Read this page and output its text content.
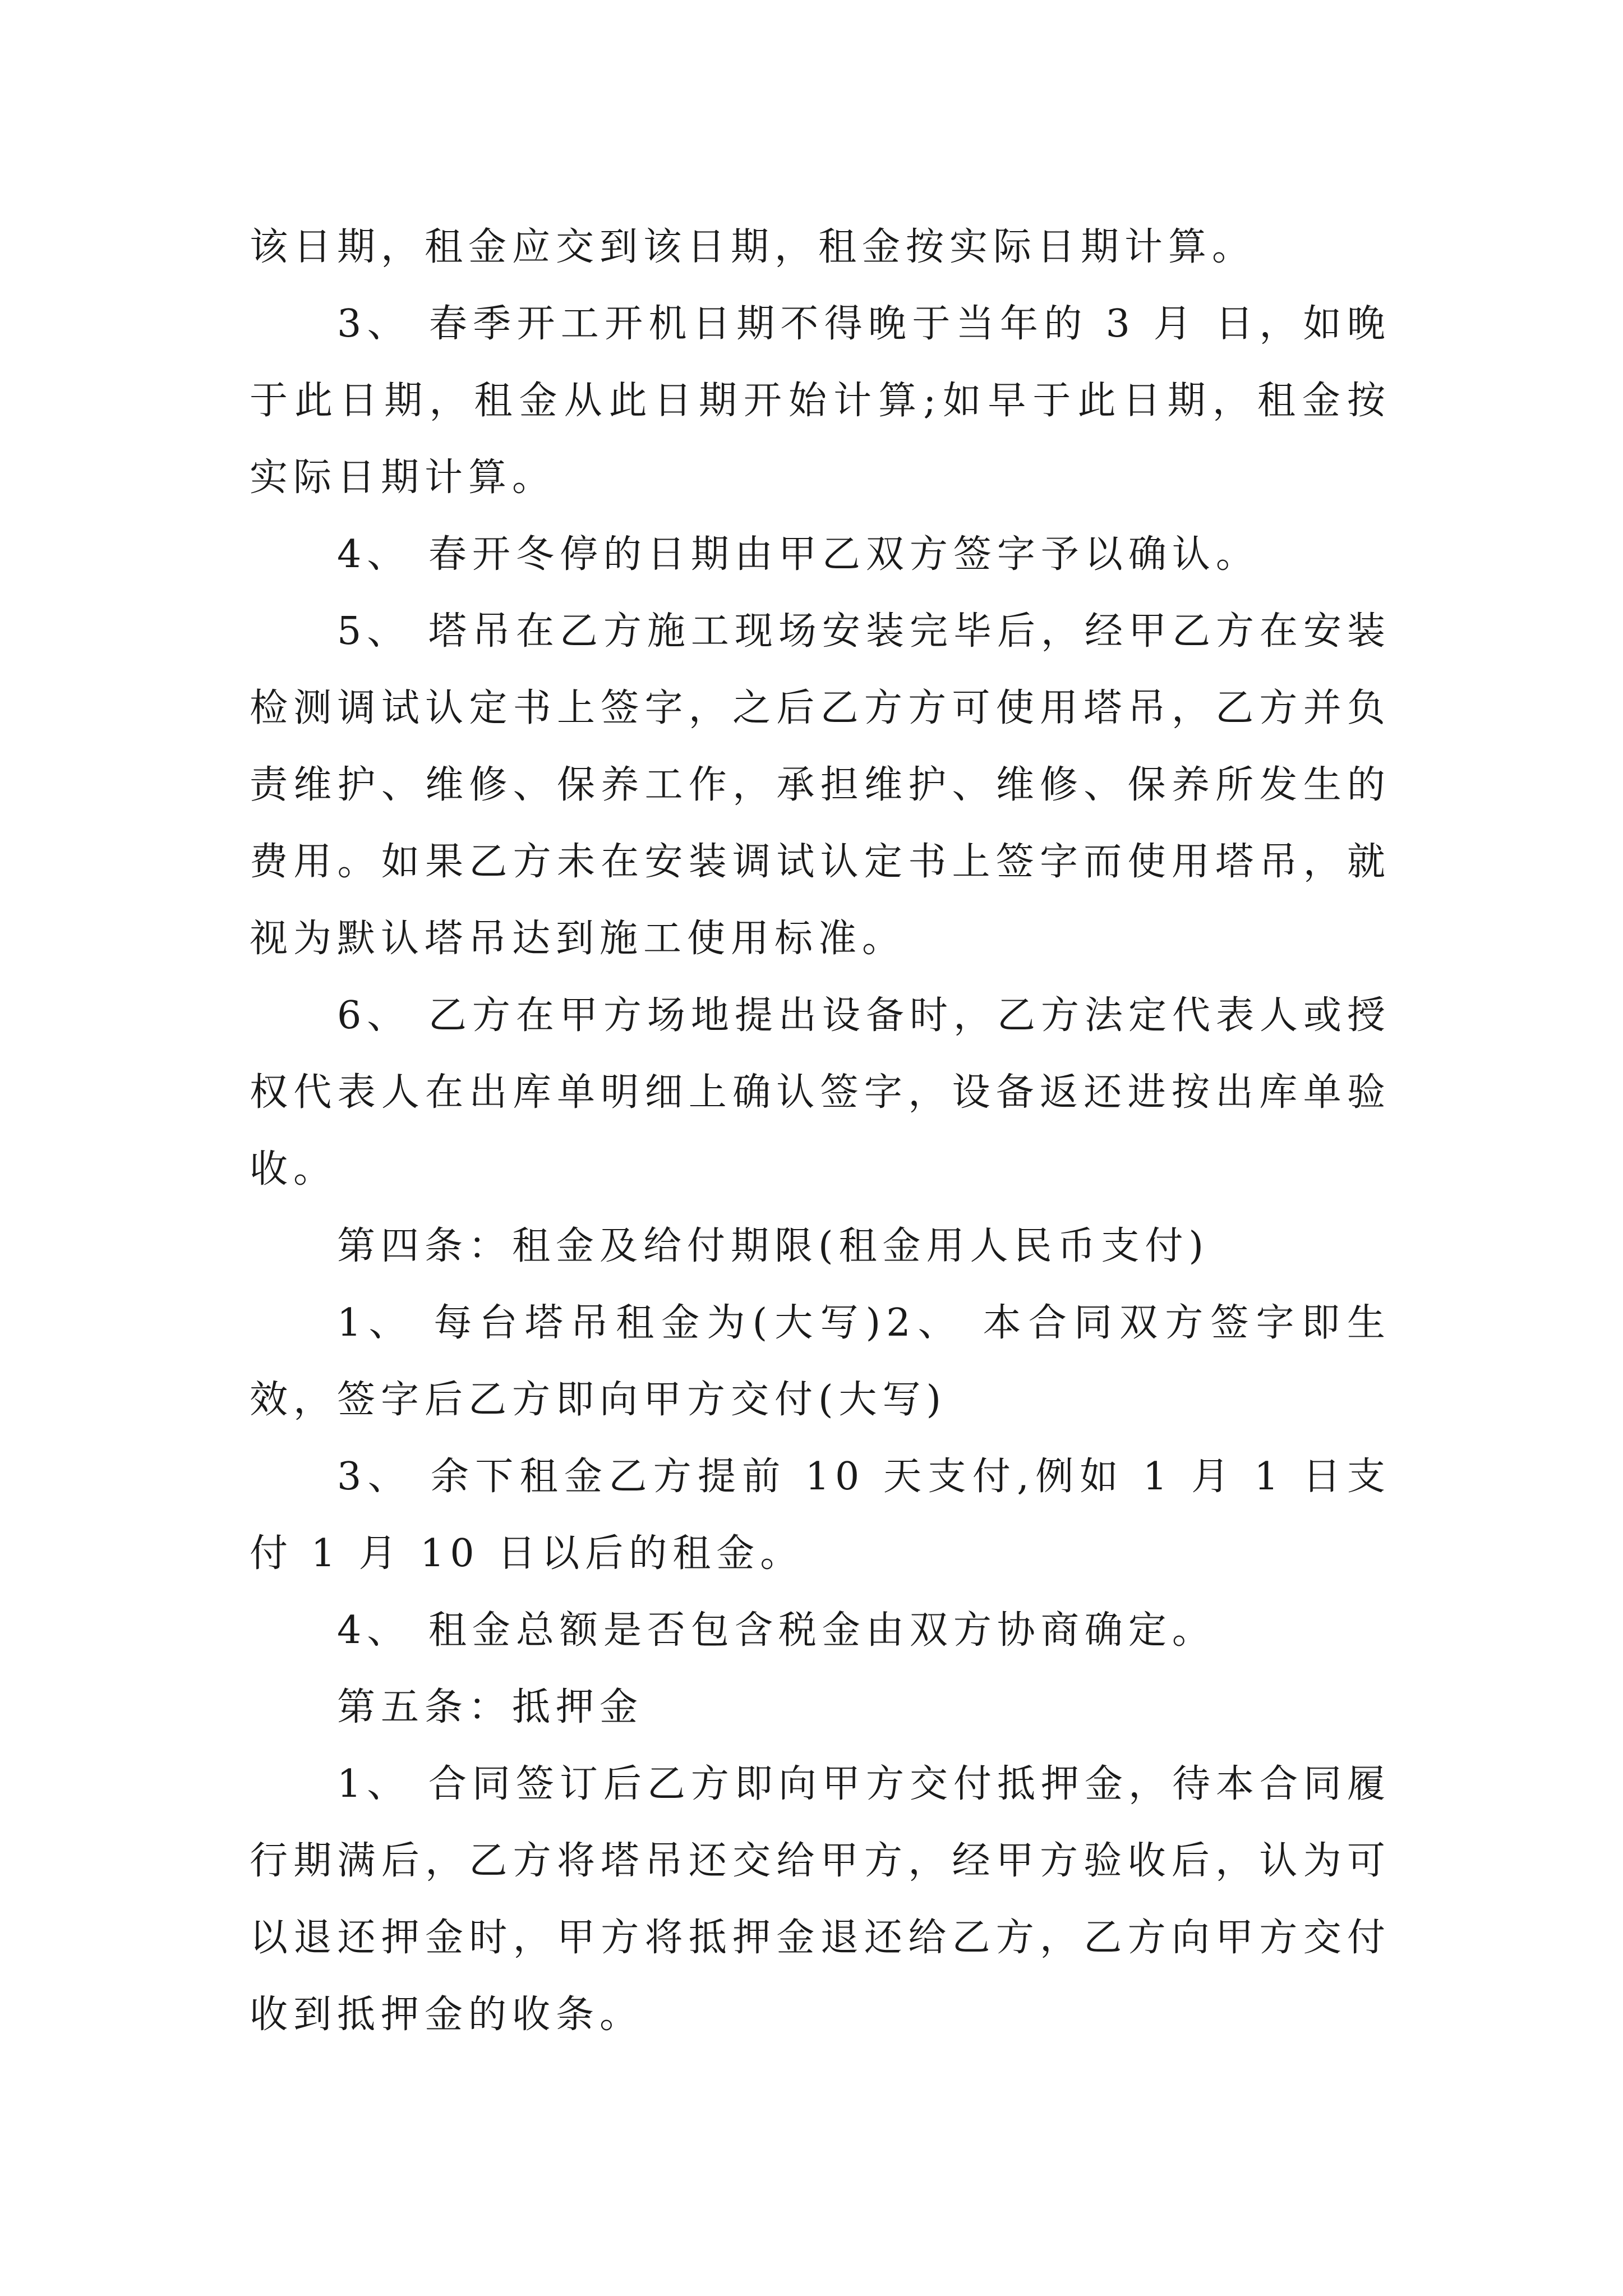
该日期，租金应交到该日期，租金按实际日期计算。

3、 春季开工开机日期不得晚于当年的 3 月 日，如晚于此日期，租金从此日期开始计算;如早于此日期，租金按实际日期计算。

4、 春开冬停的日期由甲乙双方签字予以确认。

5、 塔吊在乙方施工现场安装完毕后，经甲乙方在安装检测调试认定书上签字，之后乙方方可使用塔吊，乙方并负责维护、维修、保养工作，承担维护、维修、保养所发生的费用。如果乙方未在安装调试认定书上签字而使用塔吊，就视为默认塔吊达到施工使用标准。

6、 乙方在甲方场地提出设备时，乙方法定代表人或授权代表人在出库单明细上确认签字，设备返还进按出库单验收。

第四条：租金及给付期限(租金用人民币支付)

1、 每台塔吊租金为(大写)2、 本合同双方签字即生效，签字后乙方即向甲方交付(大写)

3、 余下租金乙方提前 10 天支付,例如 1 月 1 日支付 1 月 10 日以后的租金。

4、 租金总额是否包含税金由双方协商确定。

第五条：抵押金

1、 合同签订后乙方即向甲方交付抵押金，待本合同履行期满后，乙方将塔吊还交给甲方，经甲方验收后，认为可以退还押金时，甲方将抵押金退还给乙方，乙方向甲方交付收到抵押金的收条。
